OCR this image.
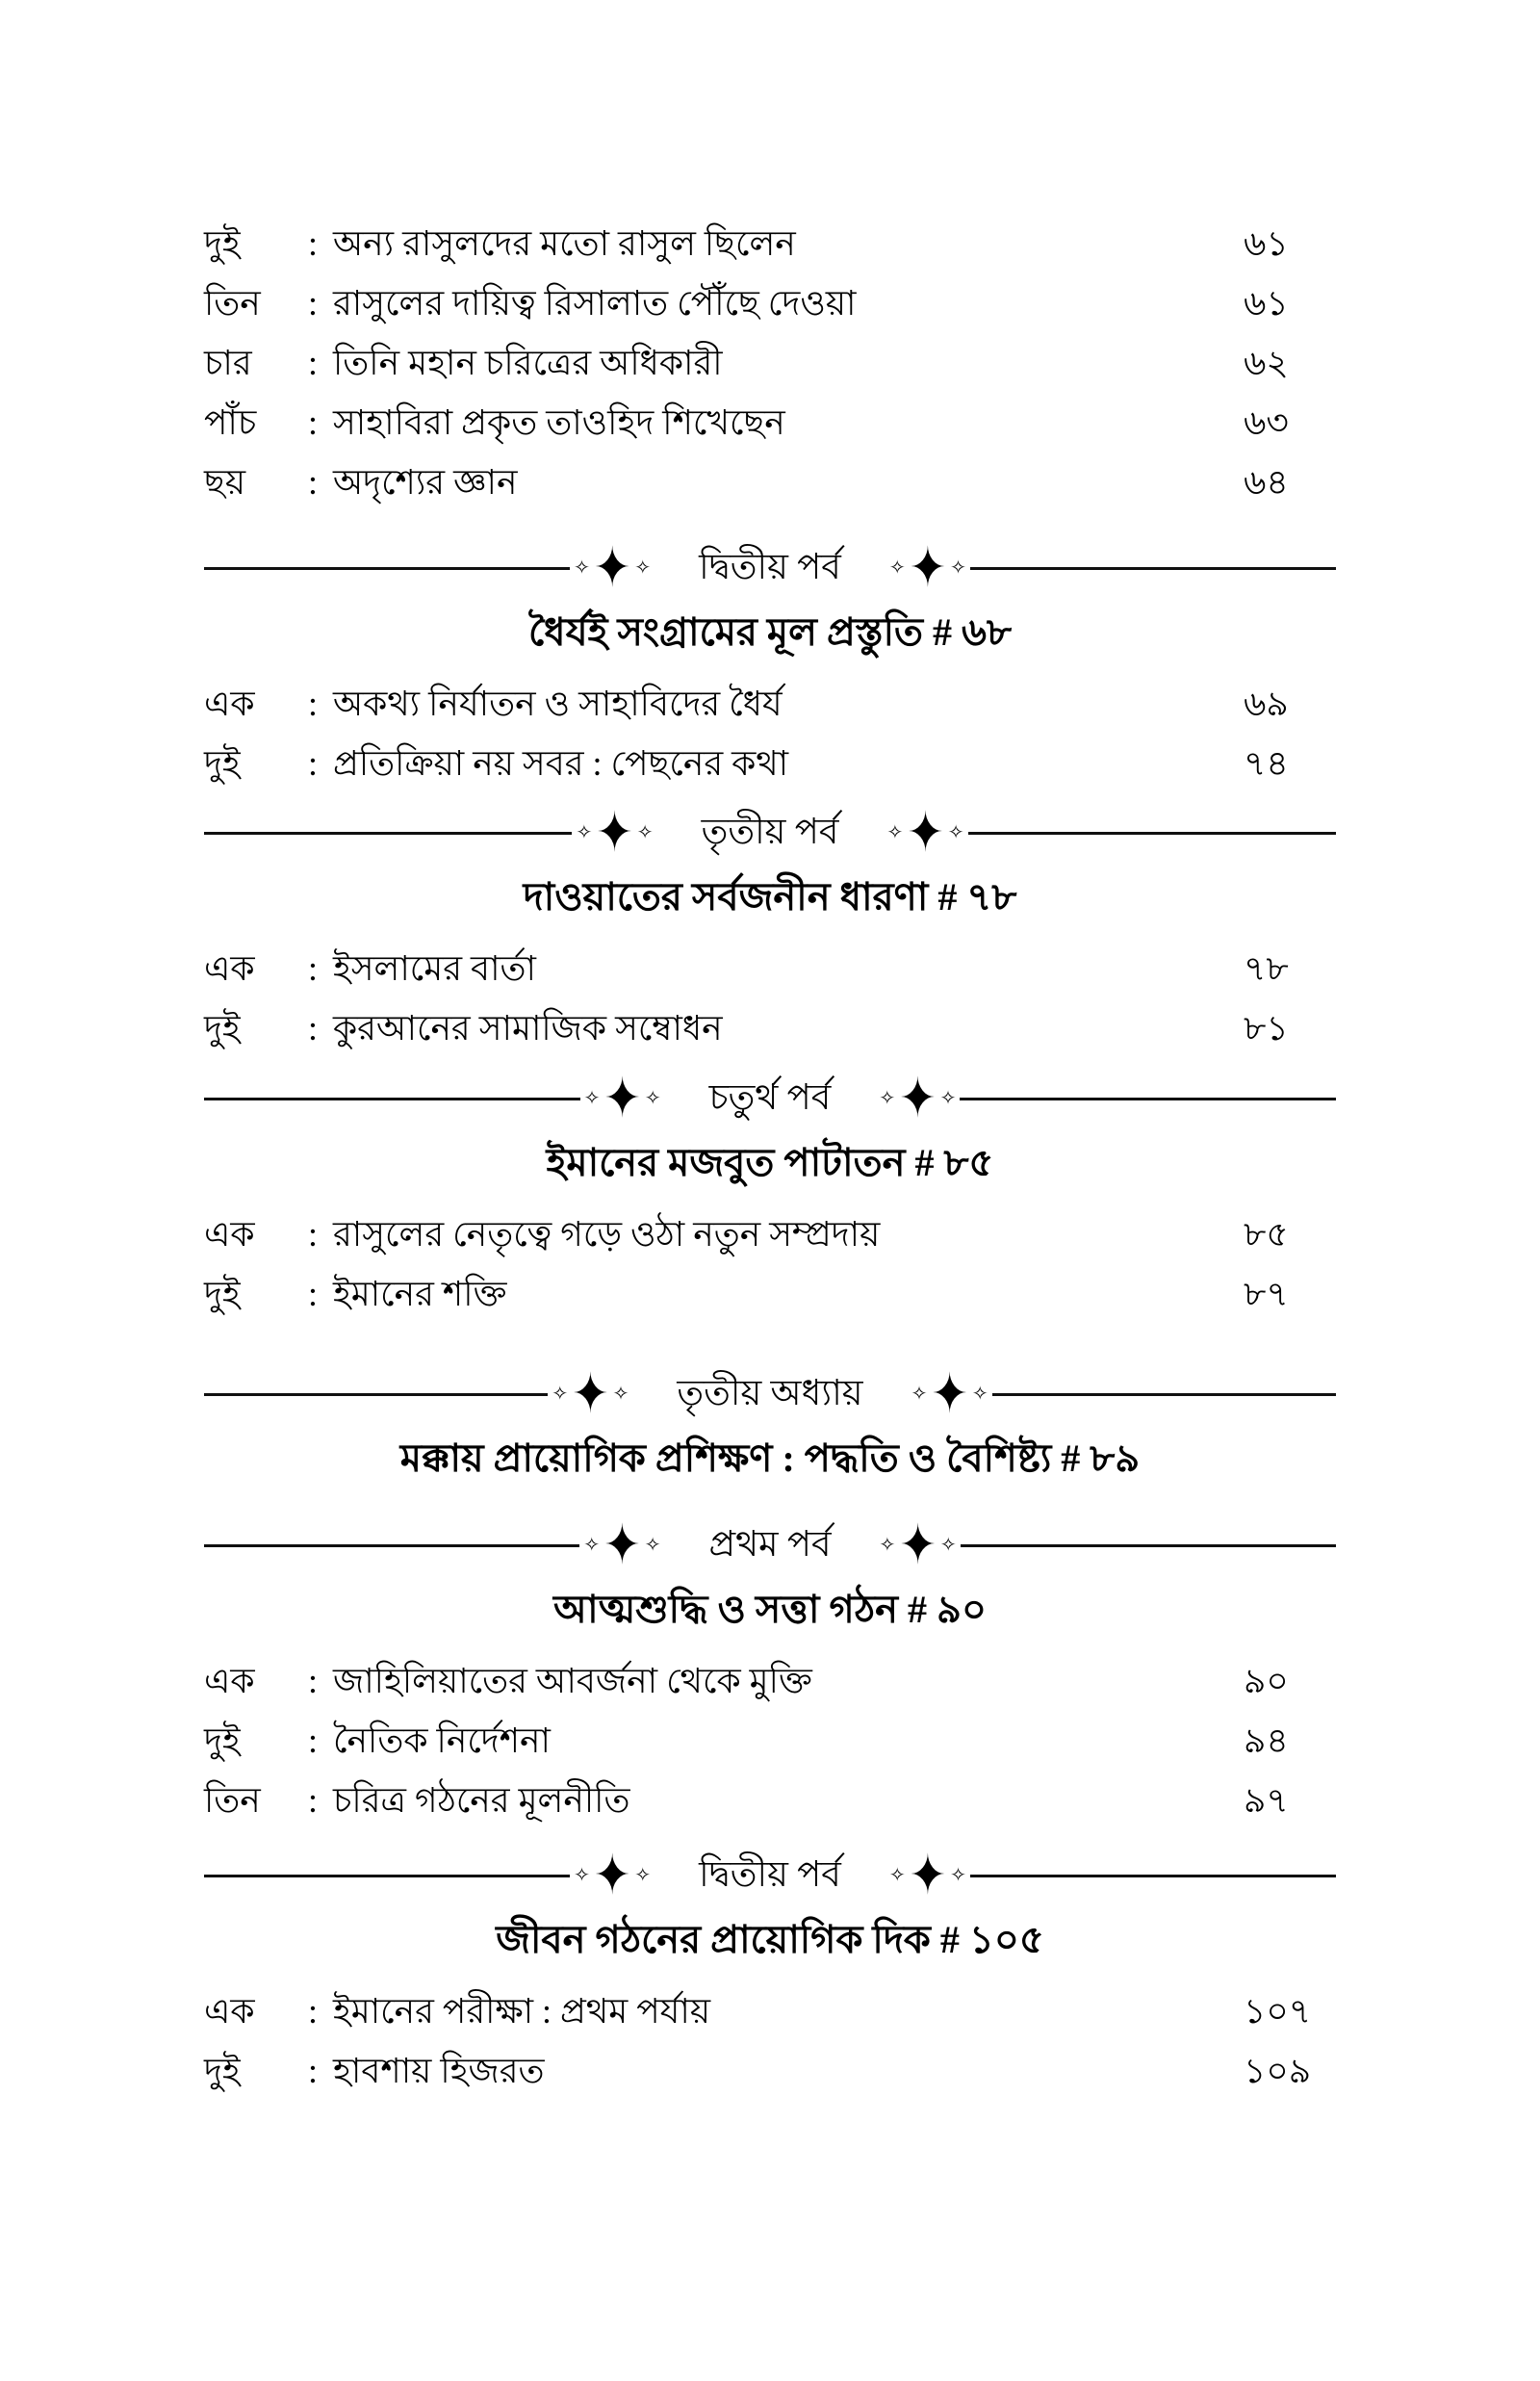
দুই	: অন্য রাসুলদের মতো রাসুল ছিলেন	৬১
তিন	: রাসুলের দায়িত্ব রিসালাত পৌঁছে দেওয়া	৬১
চার	: তিনি মহান চরিত্রের অধিকারী	৬২
পাঁচ	: সাহাবিরা প্রকৃত তাওহিদ শিখেছেন	৬৩
ছয়	: অদৃশ্যের জ্ঞান	৬৪
✧ ✦ ✧	দ্বিতীয় পর্ব	✧ ✦ ✧
ধৈর্যই সংগ্রামের মূল প্রস্তুতি # ৬৮
এক	: অকথ্য নির্যাতন ও সাহাবিদের ধৈর্য	৬৯
দুই	: প্রতিক্রিয়া নয় সবর : পেছনের কথা	৭৪
✧ ✦ ✧	তৃতীয় পর্ব	✧ ✦ ✧
দাওয়াতের সর্বজনীন ধারণা # ৭৮
এক	: ইসলামের বার্তা	৭৮
দুই	: কুরআনের সামাজিক সম্বোধন	৮১
✧ ✦ ✧	চতুর্থ পর্ব	✧ ✦ ✧
ইমানের মজবুত পাটাতন # ৮৫
এক	: রাসুলের নেতৃত্বে গড়ে ওঠা নতুন সম্প্রদায়	৮৫
দুই	: ইমানের শক্তি	৮৭
✧ ✦ ✧	তৃতীয় অধ্যায়	✧ ✦ ✧
মক্কায় প্রায়োগিক প্রশিক্ষণ : পদ্ধতি ও বৈশিষ্ট্য # ৮৯
✧ ✦ ✧	প্রথম পর্ব	✧ ✦ ✧
আত্মশুদ্ধি ও সত্তা গঠন # ৯০
এক	: জাহিলিয়াতের আবর্জনা থেকে মুক্তি	৯০
দুই	: নৈতিক নির্দেশনা	৯৪
তিন	: চরিত্র গঠনের মূলনীতি	৯৭
✧ ✦ ✧	দ্বিতীয় পর্ব	✧ ✦ ✧
জীবন গঠনের প্রায়োগিক দিক # ১০৫
এক	: ইমানের পরীক্ষা : প্রথম পর্যায়	১০৭
দুই	: হাবশায় হিজরত	১০৯
